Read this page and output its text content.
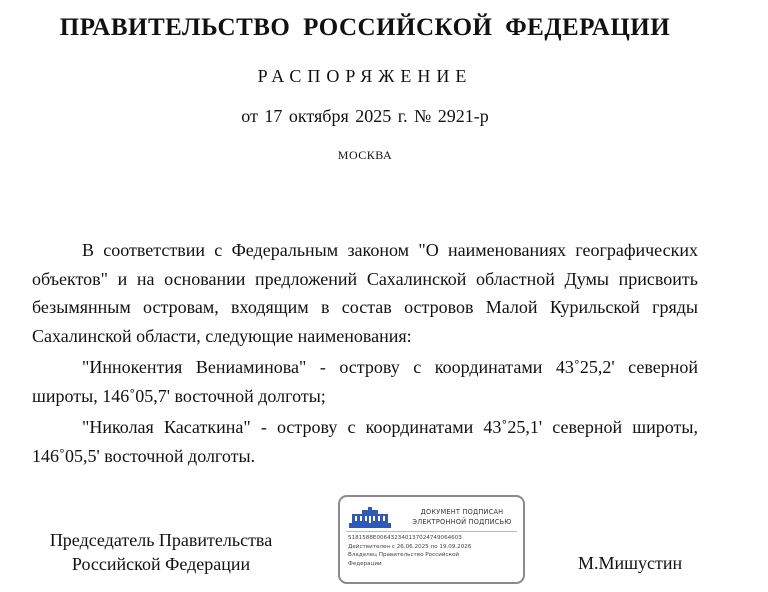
ПРАВИТЕЛЬСТВО РОССИЙСКОЙ ФЕДЕРАЦИИ
РАСПОРЯЖЕНИЕ
от 17 октября 2025 г. № 2921-р
МОСКВА

В соответствии с Федеральным законом "О наименованиях географических объектов" и на основании предложений Сахалинской областной Думы присвоить безымянным островам, входящим в состав островов Малой Курильской гряды Сахалинской области, следующие наименования:

"Иннокентия Вениаминова" - острову с координатами 43˚25,2' северной широты, 146˚05,7' восточной долготы;

"Николая Касаткина" - острову с координатами 43˚25,1' северной широты, 146˚05,5' восточной долготы.

Председатель Правительства
Российской Федерации
ДОКУМЕНТ ПОДПИСАН
ЭЛЕКТРОННОЙ ПОДПИСЬЮ
5181588E006432340137024749064603
Действителен с 26.06.2025 по 19.09.2026
Владелец Правительство Российской
Федерации	М.Мишустин
